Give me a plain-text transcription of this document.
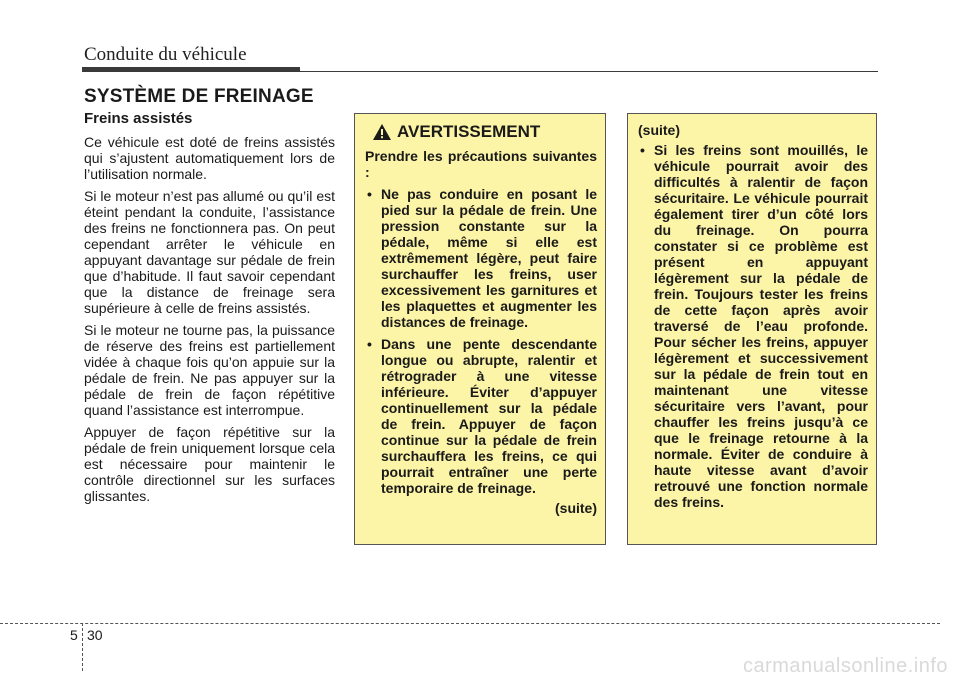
Conduite du véhicule
SYSTÈME DE FREINAGE
Freins assistés

Ce véhicule est doté de freins assistés qui s’ajustent automatiquement lors de l’utilisation normale.

Si le moteur n’est pas allumé ou qu’il est éteint pendant la conduite, l’assistance des freins ne fonctionnera pas. On peut cependant arrêter le véhicule en appuyant davantage sur pédale de frein que d’habitude. Il faut savoir cependant que la distance de freinage sera supérieure à celle de freins assistés.

Si le moteur ne tourne pas, la puissance de réserve des freins est partiellement vidée à chaque fois qu’on appuie sur la pédale de frein. Ne pas appuyer sur la pédale de frein de façon répétitive quand l’assistance est interrompue.

Appuyer de façon répétitive sur la pédale de frein uniquement lorsque cela est nécessaire pour maintenir le contrôle directionnel sur les surfaces glissantes.

AVERTISSEMENT

Prendre les précautions suivantes :

• Ne pas conduire en posant le pied sur la pédale de frein. Une pression constante sur la pédale, même si elle est extrêmement légère, peut faire surchauffer les freins, user excessivement les garnitures et les plaquettes et augmenter les distances de freinage.
• Dans une pente descendante longue ou abrupte, ralentir et rétrograder à une vitesse inférieure. Éviter d’appuyer continuellement sur la pédale de frein. Appuyer de façon continue sur la pédale de frein surchauffera les freins, ce qui pourrait entraîner une perte temporaire de freinage.

(suite)

(suite)

• Si les freins sont mouillés, le véhicule pourrait avoir des difficultés à ralentir de façon sécuritaire. Le véhicule pourrait également tirer d’un côté lors du freinage. On pourra constater si ce problème est présent en appuyant légèrement sur la pédale de frein. Toujours tester les freins de cette façon après avoir traversé de l’eau profonde. Pour sécher les freins, appuyer légèrement et successivement sur la pédale de frein tout en maintenant une vitesse sécuritaire vers l’avant, pour chauffer les freins jusqu’à ce que le freinage retourne à la normale. Éviter de conduire à haute vitesse avant d’avoir retrouvé une fonction normale des freins.
5 30
carmanualsonline.info
